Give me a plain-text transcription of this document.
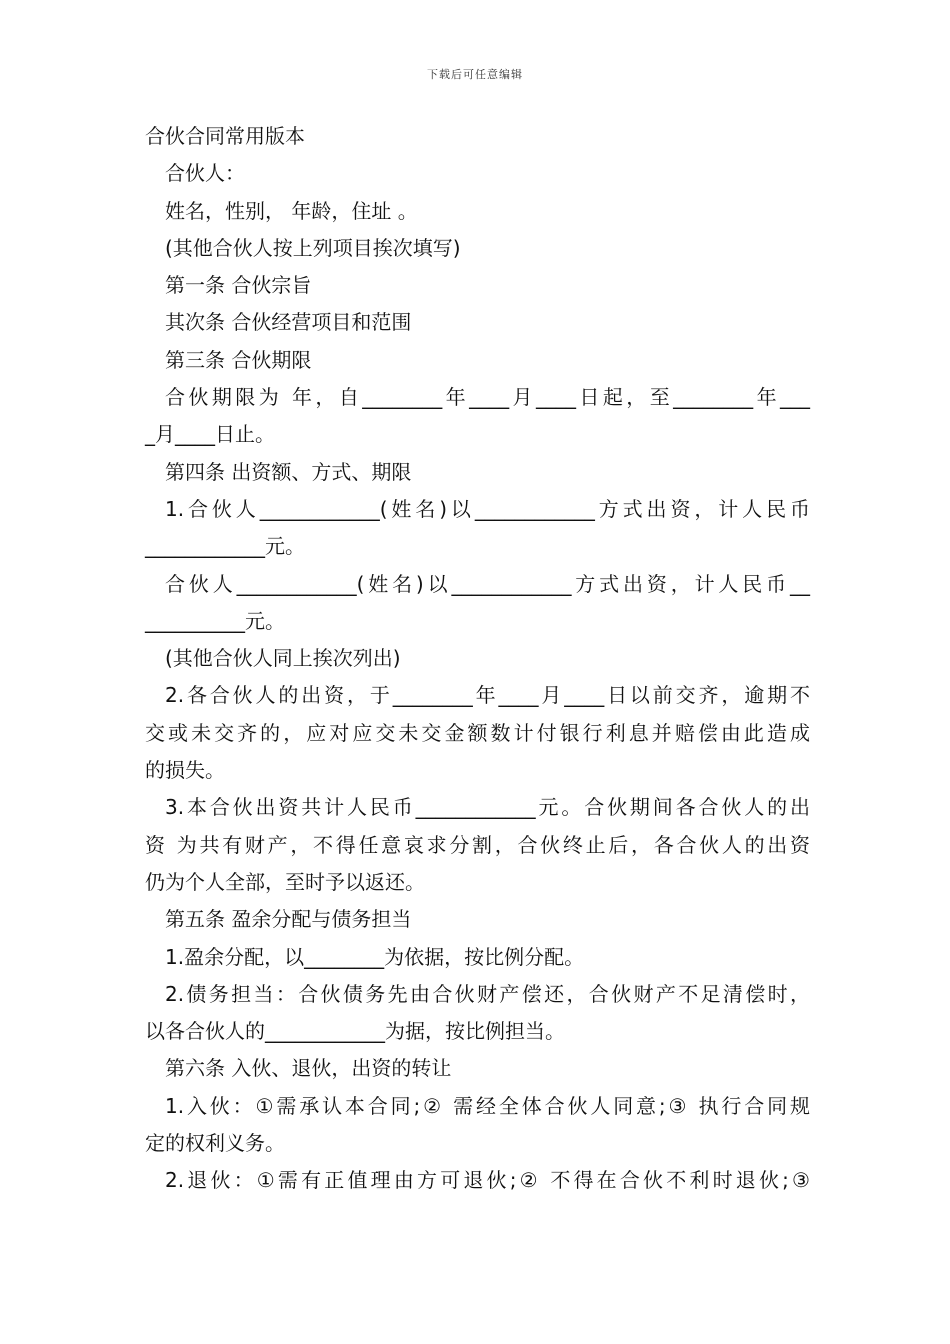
下载后可任意编辑
合伙合同常用版本
合伙人：
姓名，性别， 年龄，住址 。
(其他合伙人按上列项目挨次填写)
第一条 合伙宗旨
其次条 合伙经营项目和范围
第三条 合伙期限
合伙期限为 年，自________年____月____日起，至________年___
_月____日止。
第四条 出资额、方式、期限
1.合伙人____________(姓名)以____________方式出资，计人民币
____________元。
合伙人____________(姓名)以____________方式出资，计人民币__
__________元。
(其他合伙人同上挨次列出)
2.各合伙人的出资，于________年____月____日以前交齐，逾期不
交或未交齐的，应对应交未交金额数计付银行利息并赔偿由此造成
的损失。
3.本合伙出资共计人民币____________元。合伙期间各合伙人的出
资 为共有财产，不得任意哀求分割，合伙终止后，各合伙人的出资
仍为个人全部，至时予以返还。
第五条 盈余分配与债务担当
1.盈余分配，以________为依据，按比例分配。
2.债务担当：合伙债务先由合伙财产偿还，合伙财产不足清偿时，
以各合伙人的____________为据，按比例担当。
第六条 入伙、退伙，出资的转让
1.入伙：①需承认本合同;② 需经全体合伙人同意;③ 执行合同规
定的权利义务。
2.退伙：①需有正值理由方可退伙;② 不得在合伙不利时退伙;③
